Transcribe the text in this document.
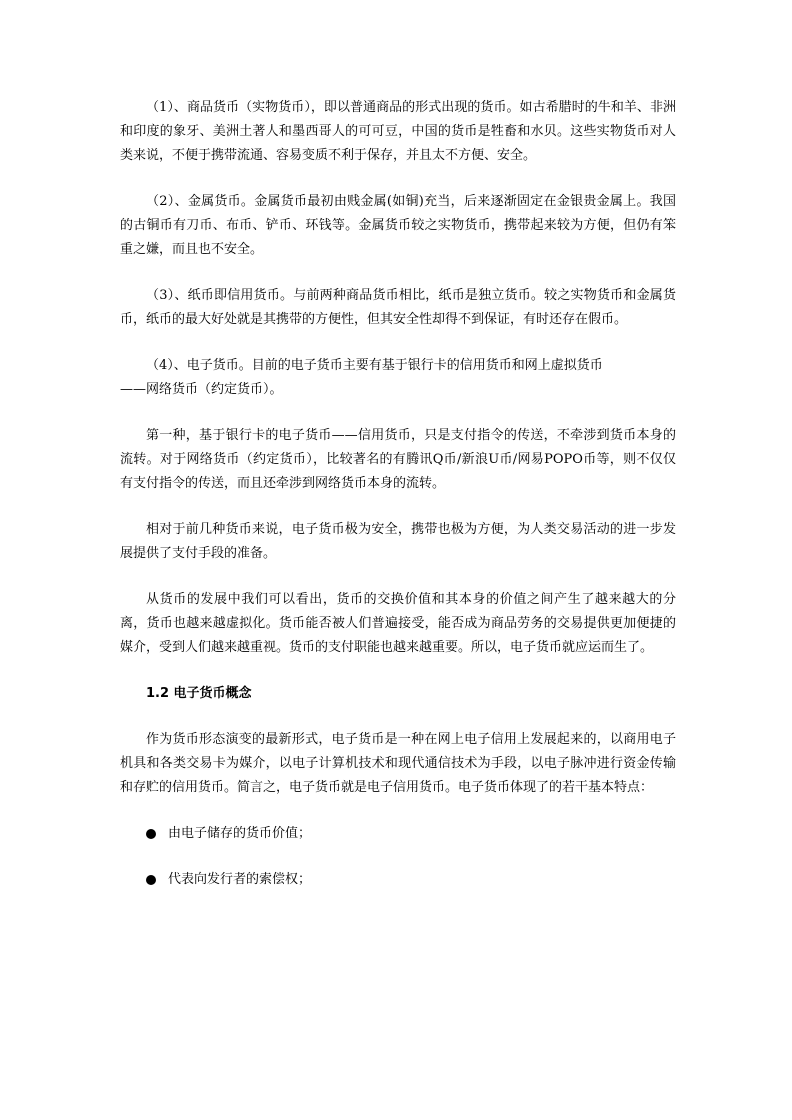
（1）、商品货币（实物货币），即以普通商品的形式出现的货币。如古希腊时的牛和羊、非洲和印度的象牙、美洲土著人和墨西哥人的可可豆，中国的货币是牲畜和水贝。这些实物货币对人类来说，不便于携带流通、容易变质不利于保存，并且太不方便、安全。

（2）、金属货币。金属货币最初由贱金属(如铜)充当，后来逐渐固定在金银贵金属上。我国的古铜币有刀币、布币、铲币、环钱等。金属货币较之实物货币，携带起来较为方便，但仍有笨重之嫌，而且也不安全。

（3）、纸币即信用货币。与前两种商品货币相比，纸币是独立货币。较之实物货币和金属货币，纸币的最大好处就是其携带的方便性，但其安全性却得不到保证，有时还存在假币。

（4）、电子货币。目前的电子货币主要有基于银行卡的信用货币和网上虚拟货币
——网络货币（约定货币）。

第一种，基于银行卡的电子货币——信用货币，只是支付指令的传送，不牵涉到货币本身的流转。对于网络货币（约定货币），比较著名的有腾讯Q币/新浪U币/网易POPO币等，则不仅仅有支付指令的传送，而且还牵涉到网络货币本身的流转。

相对于前几种货币来说，电子货币极为安全，携带也极为方便，为人类交易活动的进一步发展提供了支付手段的准备。

从货币的发展中我们可以看出，货币的交换价值和其本身的价值之间产生了越来越大的分离，货币也越来越虚拟化。货币能否被人们普遍接受，能否成为商品劳务的交易提供更加便捷的媒介，受到人们越来越重视。货币的支付职能也越来越重要。所以，电子货币就应运而生了。

1.2 电子货币概念

作为货币形态演变的最新形式，电子货币是一种在网上电子信用上发展起来的，以商用电子机具和各类交易卡为媒介，以电子计算机技术和现代通信技术为手段，以电子脉冲进行资金传输和存贮的信用货币。简言之，电子货币就是电子信用货币。电子货币体现了的若干基本特点：

由电子储存的货币价值；
代表向发行者的索偿权；
